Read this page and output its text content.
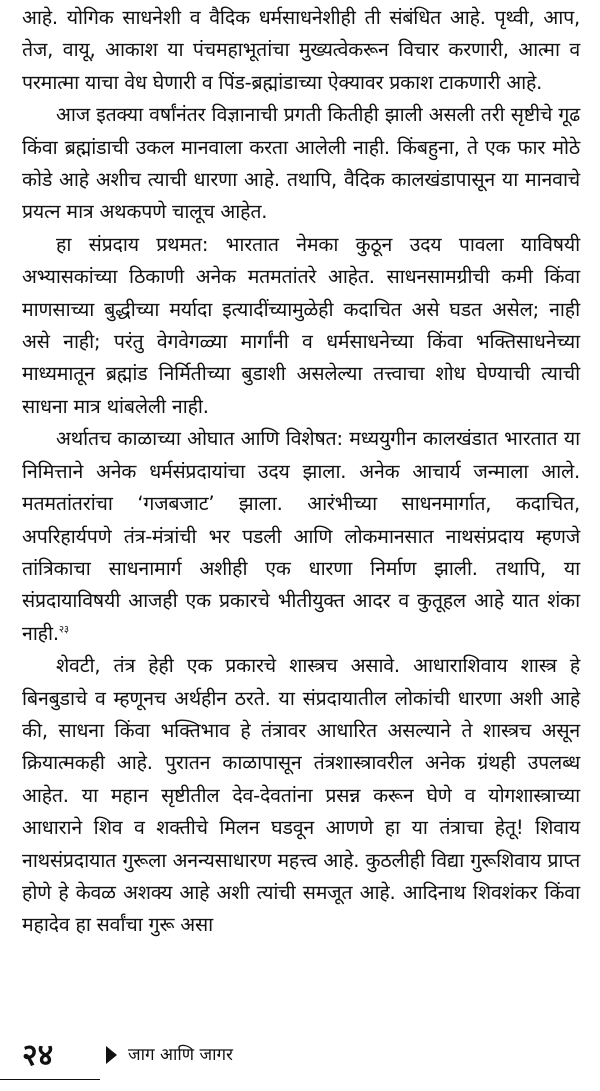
आहे. योगिक साधनेशी व वैदिक धर्मसाधनेशीही ती संबंधित आहे. पृथ्वी, आप, तेज, वायू, आकाश या पंचमहाभूतांचा मुख्यत्वेकरून विचार करणारी, आत्मा व परमात्मा याचा वेध घेणारी व पिंड-ब्रह्मांडाच्या ऐक्यावर प्रकाश टाकणारी आहे.

आज इतक्या वर्षांनंतर विज्ञानाची प्रगती कितीही झाली असली तरी सृष्टीचे गूढ किंवा ब्रह्मांडाची उकल मानवाला करता आलेली नाही. किंबहुना, ते एक फार मोठे कोडे आहे अशीच त्याची धारणा आहे. तथापि, वैदिक कालखंडापासून या मानवाचे प्रयत्न मात्र अथकपणे चालूच आहेत.

हा संप्रदाय प्रथमत: भारतात नेमका कुठून उदय पावला याविषयी अभ्यासकांच्या ठिकाणी अनेक मतमतांतरे आहेत. साधनसामग्रीची कमी किंवा माणसाच्या बुद्धीच्या मर्यादा इत्यादींच्यामुळेही कदाचित असे घडत असेल; नाही असे नाही; परंतु वेगवेगळ्या मार्गांनी व धर्मसाधनेच्या किंवा भक्तिसाधनेच्या माध्यमातून ब्रह्मांड निर्मितीच्या बुडाशी असलेल्या तत्त्वाचा शोध घेण्याची त्याची साधना मात्र थांबलेली नाही.

अर्थातच काळाच्या ओघात आणि विशेषत: मध्ययुगीन कालखंडात भारतात या निमित्ताने अनेक धर्मसंप्रदायांचा उदय झाला. अनेक आचार्य जन्माला आले. मतमतांतरांचा ‘गजबजाट’ झाला. आरंभीच्या साधनमार्गात, कदाचित, अपरिहार्यपणे तंत्र-मंत्रांची भर पडली आणि लोकमानसात नाथसंप्रदाय म्हणजे तांत्रिकाचा साधनामार्ग अशीही एक धारणा निर्माण झाली. तथापि, या संप्रदायाविषयी आजही एक प्रकारचे भीतीयुक्त आदर व कुतूहल आहे यात शंका नाही.$^{२३}$

शेवटी, तंत्र हेही एक प्रकारचे शास्त्रच असावे. आधाराशिवाय शास्त्र हे बिनबुडाचे व म्हणूनच अर्थहीन ठरते. या संप्रदायातील लोकांची धारणा अशी आहे की, साधना किंवा भक्तिभाव हे तंत्रावर आधारित असल्याने ते शास्त्रच असून क्रियात्मकही आहे. पुरातन काळापासून तंत्रशास्त्रावरील अनेक ग्रंथही उपलब्ध आहेत. या महान सृष्टीतील देव-देवतांना प्रसन्न करून घेणे व योगशास्त्राच्या आधाराने शिव व शक्तीचे मिलन घडवून आणणे हा या तंत्राचा हेतू! शिवाय नाथसंप्रदायात गुरूला अनन्यसाधारण महत्त्व आहे. कुठलीही विद्या गुरूशिवाय प्राप्त होणे हे केवळ अशक्य आहे अशी त्यांची समजूत आहे. आदिनाथ शिवशंकर किंवा महादेव हा सर्वांचा गुरू असा

२४	जाग आणि जागर
